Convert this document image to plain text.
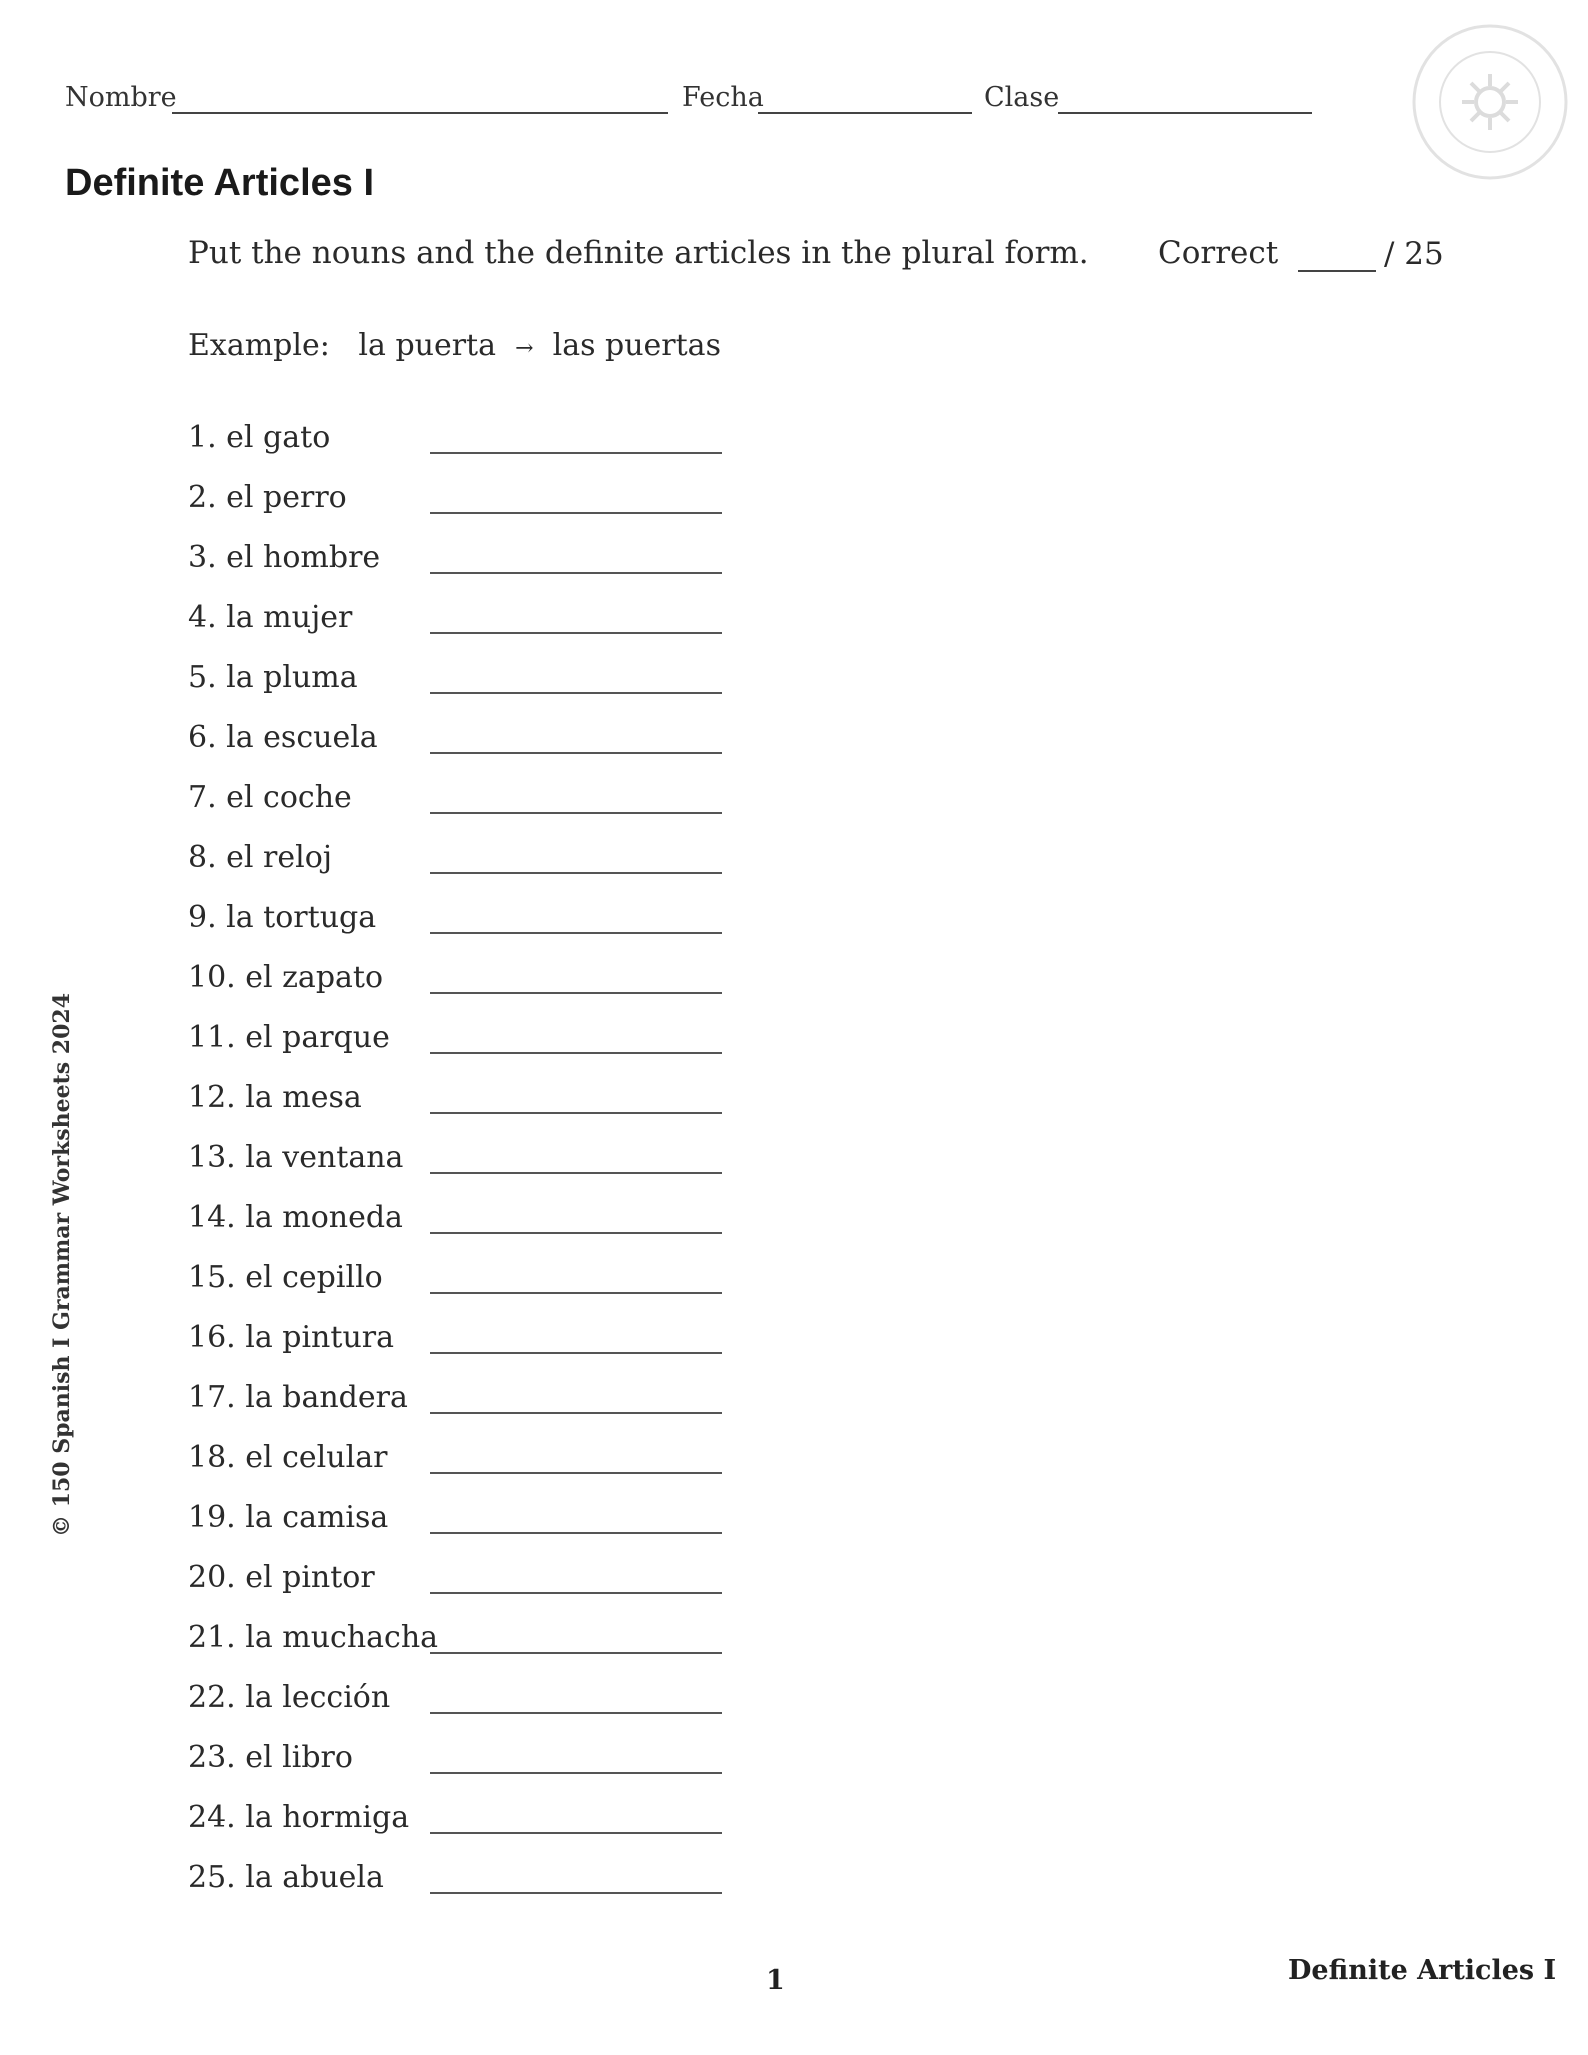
Nombre	Fecha	Clase
Definite Articles I
Put the nouns and the definite articles in the plural form. Correct	/ 25
Example: la puerta → las puertas
1. el gato
2. el perro
3. el hombre
4. la mujer
5. la pluma
6. la escuela
7. el coche
8. el reloj
9. la tortuga
10. el zapato
11. el parque
12. la mesa
13. la ventana
14. la moneda
15. el cepillo
16. la pintura
17. la bandera
18. el celular
19. la camisa
20. el pintor
21. la muchacha
22. la lección
23. el libro
24. la hormiga
25. la abuela
© 150 Spanish I Grammar Worksheets 2024
1	Definite Articles I
